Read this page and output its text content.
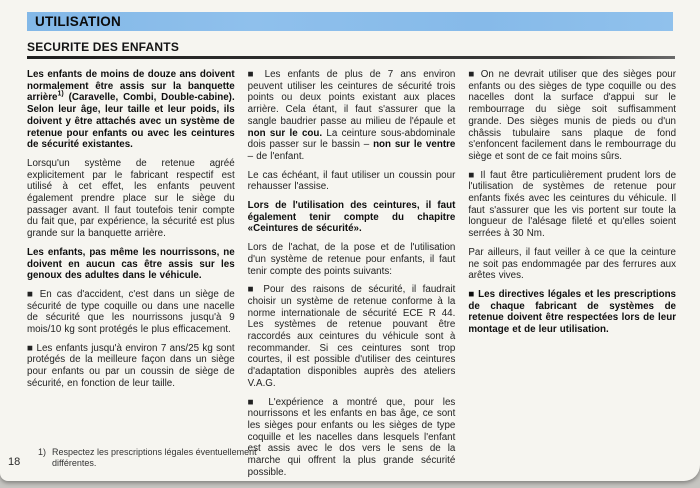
UTILISATION
SECURITE DES ENFANTS

Les enfants de moins de douze ans doivent normalement être assis sur la banquette arrière$^{1)}$ (Caravelle, Combi, Double-cabine). Selon leur âge, leur taille et leur poids, ils doivent y être attachés avec un système de retenue pour enfants ou avec les ceintures de sécurité existantes.

Lorsqu'un système de retenue agréé explicitement par le fabricant respectif est utilisé à cet effet, les enfants peuvent également prendre place sur le siège du passager avant. Il faut toutefois tenir compte du fait que, par expérience, la sécurité est plus grande sur la banquette arrière.

Les enfants, pas même les nourrissons, ne doivent en aucun cas être assis sur les genoux des adultes dans le véhicule.

■ En cas d'accident, c'est dans un siège de sécurité de type coquille ou dans une nacelle de sécurité que les nourrissons jusqu'à 9 mois/10 kg sont protégés le plus efficacement.

■ Les enfants jusqu'à environ 7 ans/25 kg sont protégés de la meilleure façon dans un siège pour enfants ou par un coussin de siège de sécurité, en fonction de leur taille.

■ Les enfants de plus de 7 ans environ peuvent utiliser les ceintures de sécurité trois points ou deux points existant aux places arrière. Cela étant, il faut s'assurer que la sangle baudrier passe au milieu de l'épaule et non sur le cou. La ceinture sous-abdominale dois passer sur le bassin – non sur le ventre – de l'enfant.

Le cas échéant, il faut utiliser un coussin pour rehausser l'assise.

Lors de l'utilisation des ceintures, il faut également tenir compte du chapitre «Ceintures de sécurité».

Lors de l'achat, de la pose et de l'utilisation d'un système de retenue pour enfants, il faut tenir compte des points suivants:

■ Pour des raisons de sécurité, il faudrait choisir un système de retenue conforme à la norme internationale de sécurité ECE R 44. Les systèmes de retenue pouvant être raccordés aux ceintures du véhicule sont à recommander. Si ces ceintures sont trop courtes, il est possible d'utiliser des ceintures d'adaptation disponibles auprès des ateliers V.A.G.

■ L'expérience a montré que, pour les nourrissons et les enfants en bas âge, ce sont les sièges pour enfants ou les sièges de type coquille et les nacelles dans lesquels l'enfant est assis avec le dos vers le sens de la marche qui offrent la plus grande sécurité possible.

■ On ne devrait utiliser que des sièges pour enfants ou des sièges de type coquille ou des nacelles dont la surface d'appui sur le rembourrage du siège soit suffisamment grande. Des sièges munis de pieds ou d'un châssis tubulaire sans plaque de fond s'enfoncent facilement dans le rembourrage du siège et sont de ce fait moins sûrs.

■ Il faut être particulièrement prudent lors de l'utilisation de systèmes de retenue pour enfants fixés avec les ceintures du véhicule. Il faut s'assurer que les vis portent sur toute la longueur de l'alésage fileté et qu'elles soient serrées à 30 Nm.

Par ailleurs, il faut veiller à ce que la ceinture ne soit pas endommagée par des ferrures aux arêtes vives.

■ Les directives légales et les prescriptions de chaque fabricant de systèmes de retenue doivent être respectées lors de leur montage et de leur utilisation.

18
1) Respectez les prescriptions légales éventuellement différentes.
